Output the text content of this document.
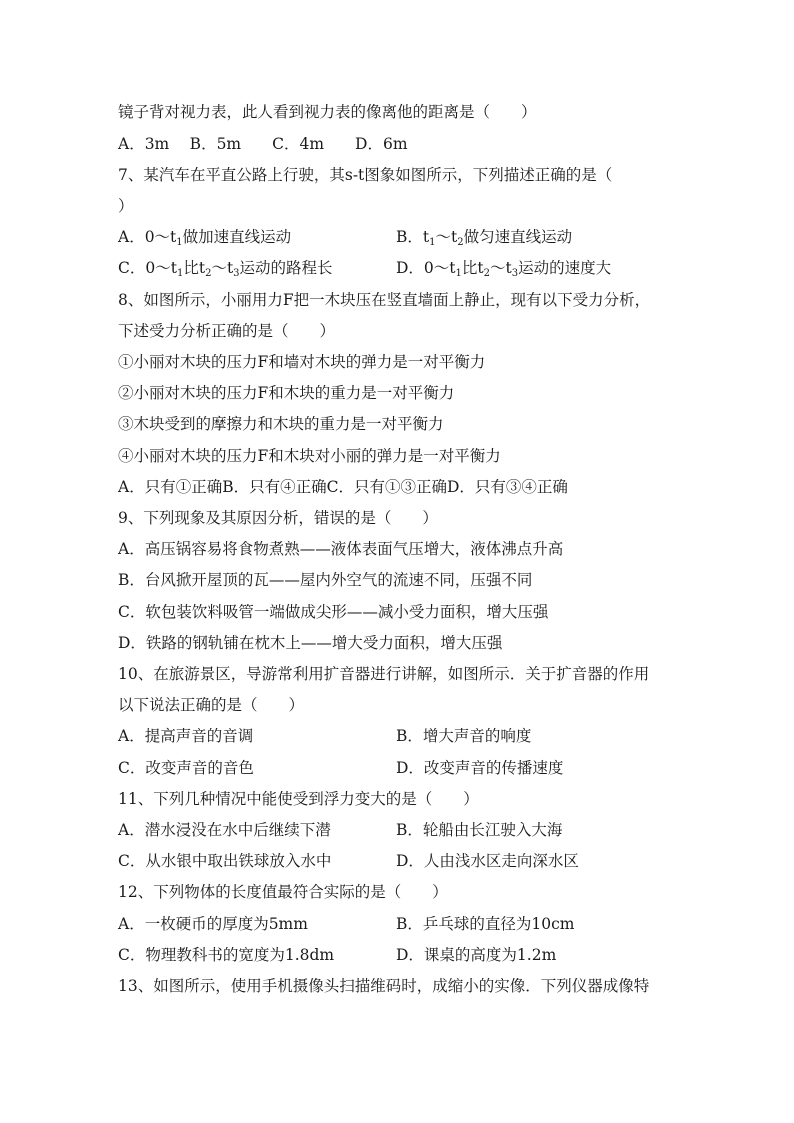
镜子背对视力表，此人看到视力表的像离他的距离是（　　）
A．3m　 B．5m　　C．4m　　D．6m
7、某汽车在平直公路上行驶，其s-t图象如图所示，下列描述正确的是（
）
A．$0\sim t_1$做加速直线运动	B．$t_1\sim t_2$做匀速直线运动
C．$0\sim t_1$比$t_2\sim t_3$运动的路程长	D．$0\sim t_1$比$t_2\sim t_3$运动的速度大
8、如图所示，小丽用力F把一木块压在竖直墙面上静止，现有以下受力分析，
下述受力分析正确的是（　　）
①小丽对木块的压力F和墙对木块的弹力是一对平衡力
②小丽对木块的压力F和木块的重力是一对平衡力
③木块受到的摩擦力和木块的重力是一对平衡力
④小丽对木块的压力F和木块对小丽的弹力是一对平衡力
A．只有①正确B．只有④正确C．只有①③正确D．只有③④正确
9、下列现象及其原因分析，错误的是（　　）
A．高压锅容易将食物煮熟——液体表面气压增大，液体沸点升高
B．台风掀开屋顶的瓦——屋内外空气的流速不同，压强不同
C．软包装饮料吸管一端做成尖形——减小受力面积，增大压强
D．铁路的钢轨铺在枕木上——增大受力面积，增大压强
10、在旅游景区，导游常利用扩音器进行讲解，如图所示．关于扩音器的作用
以下说法正确的是（　　）
A．提高声音的音调	B．增大声音的响度
C．改变声音的音色	D．改变声音的传播速度
11、下列几种情况中能使受到浮力变大的是（　　）
A．潜水浸没在水中后继续下潜	B．轮船由长江驶入大海
C．从水银中取出铁球放入水中	D．人由浅水区走向深水区
12、下列物体的长度值最符合实际的是（　　）
A．一枚硬币的厚度为5mm	B．乒乓球的直径为10cm
C．物理教科书的宽度为1.8dm	D．课桌的高度为1.2m
13、如图所示，使用手机摄像头扫描维码时，成缩小的实像．下列仪器成像特
